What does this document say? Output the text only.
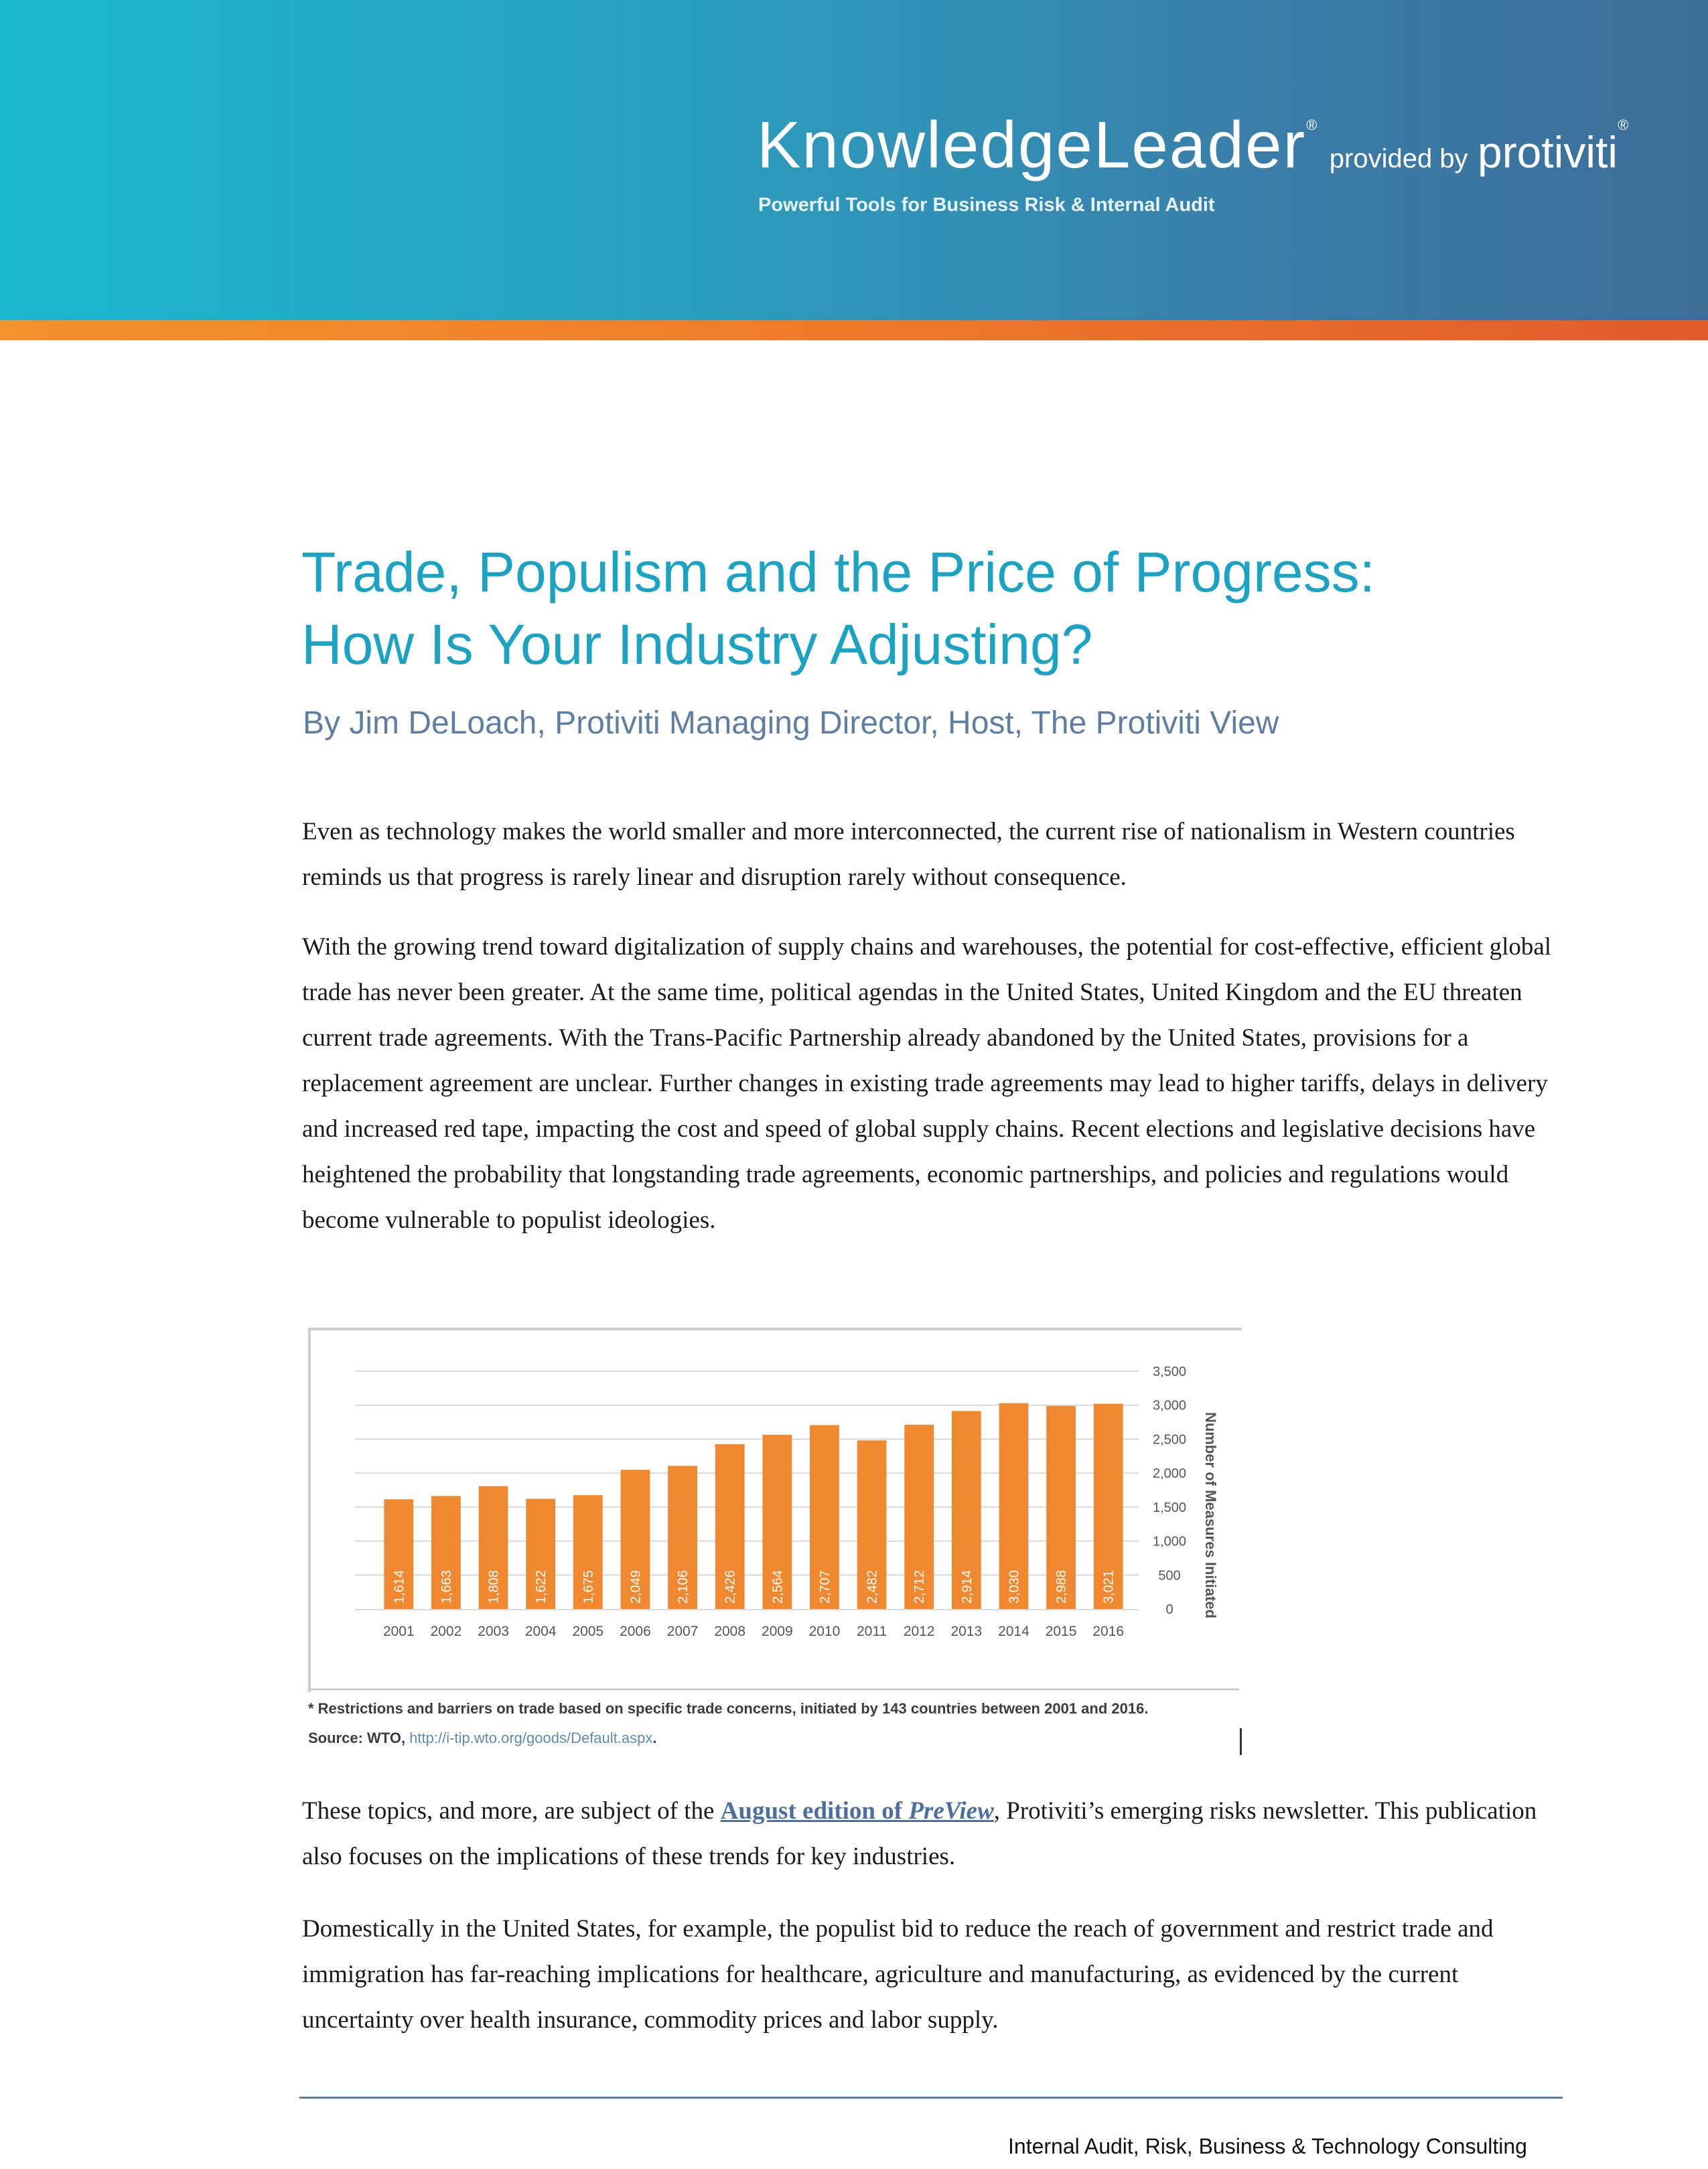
KnowledgeLeader® provided by protiviti®
Powerful Tools for Business Risk & Internal Audit
Trade, Populism and the Price of Progress:
How Is Your Industry Adjusting?
By Jim DeLoach, Protiviti Managing Director, Host, The Protiviti View

Even as technology makes the world smaller and more interconnected, the current rise of nationalism in Western countries reminds us that progress is rarely linear and disruption rarely without consequence.

With the growing trend toward digitalization of supply chains and warehouses, the potential for cost-effective, efficient global trade has never been greater. At the same time, political agendas in the United States, United Kingdom and the EU threaten current trade agreements. With the Trans-Pacific Partnership already abandoned by the United States, provisions for a replacement agreement are unclear. Further changes in existing trade agreements may lead to higher tariffs, delays in delivery and increased red tape, impacting the cost and speed of global supply chains. Recent elections and legislative decisions have heightened the probability that longstanding trade agreements, economic partnerships, and policies and regulations would become vulnerable to populist ideologies.

1,614 1,663 1,808 1,622 1,675 2,049 2,106 2,426 2,564 2,707 2,482 2,712 2,914 3,030 2,988 3,021
2001 2002 2003 2004 2005 2006 2007 2008 2009 2010 2011 2012 2013 2014 2015 2016
0
500
1,000
1,500
2,000
2,500
3,000
3,500
Number of Measures Initiated
* Restrictions and barriers on trade based on specific trade concerns, initiated by 143 countries between 2001 and 2016.
Source: WTO, http://i-tip.wto.org/goods/Default.aspx.

These topics, and more, are subject of the August edition of PreView, Protiviti’s emerging risks newsletter. This publication also focuses on the implications of these trends for key industries.

Domestically in the United States, for example, the populist bid to reduce the reach of government and restrict trade and immigration has far-reaching implications for healthcare, agriculture and manufacturing, as evidenced by the current uncertainty over health insurance, commodity prices and labor supply.

Internal Audit, Risk, Business & Technology Consulting
